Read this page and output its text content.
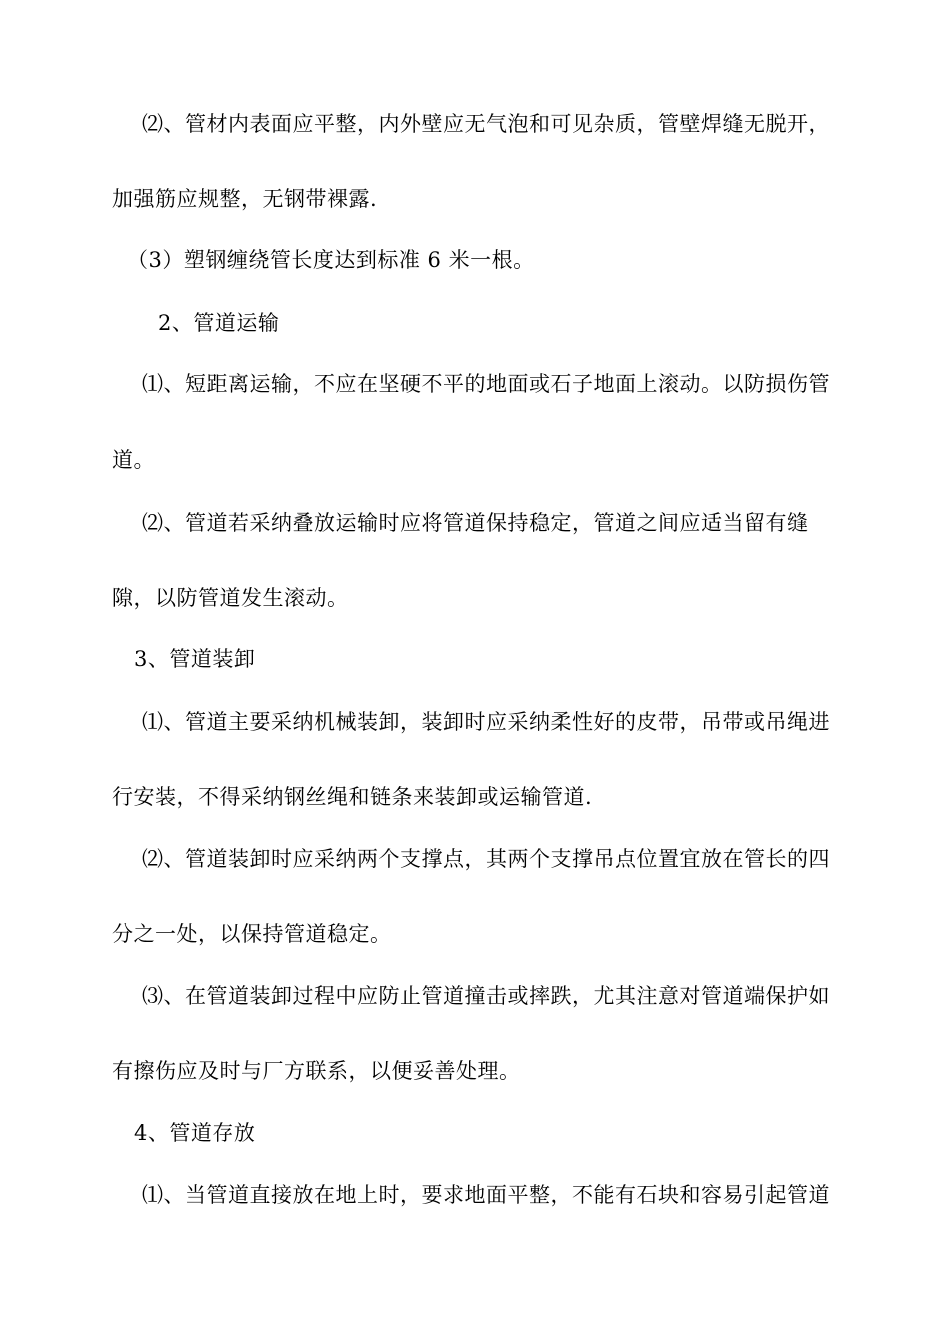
⑵、管材内表面应平整，内外壁应无气泡和可见杂质，管壁焊缝无脱开，
加强筋应规整，无钢带裸露.
（3）塑钢缠绕管长度达到标准 6 米一根。
2、管道运输
⑴、短距离运输，不应在坚硬不平的地面或石子地面上滚动。以防损伤管
道。
⑵、管道若采纳叠放运输时应将管道保持稳定，管道之间应适当留有缝
隙，以防管道发生滚动。
3、管道装卸
⑴、管道主要采纳机械装卸，装卸时应采纳柔性好的皮带，吊带或吊绳进
行安装，不得采纳钢丝绳和链条来装卸或运输管道.
⑵、管道装卸时应采纳两个支撑点，其两个支撑吊点位置宜放在管长的四
分之一处，以保持管道稳定。
⑶、在管道装卸过程中应防止管道撞击或摔跌，尤其注意对管道端保护如
有擦伤应及时与厂方联系，以便妥善处理。
4、管道存放
⑴、当管道直接放在地上时，要求地面平整，不能有石块和容易引起管道
